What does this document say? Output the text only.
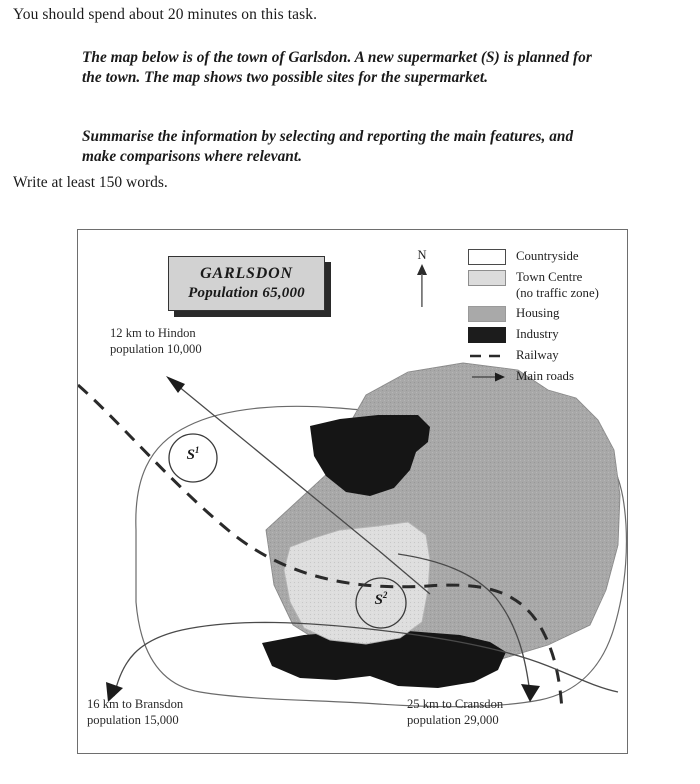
You should spend about 20 minutes on this task.
The map below is of the town of Garlsdon. A new supermarket (S) is planned for the town. The map shows two possible sites for the supermarket.
Summarise the information by selecting and reporting the main features, and make comparisons where relevant.
Write at least 150 words.
$S^1$
$S^2$
GARLSDON
Population 65,000
N	Countryside
Town Centre
(no traffic zone)
Housing
Industry
Railway
Main roads
12 km to Hindon
population 10,000
16 km to Bransdon
population 15,000
25 km to Cransdon
population 29,000
